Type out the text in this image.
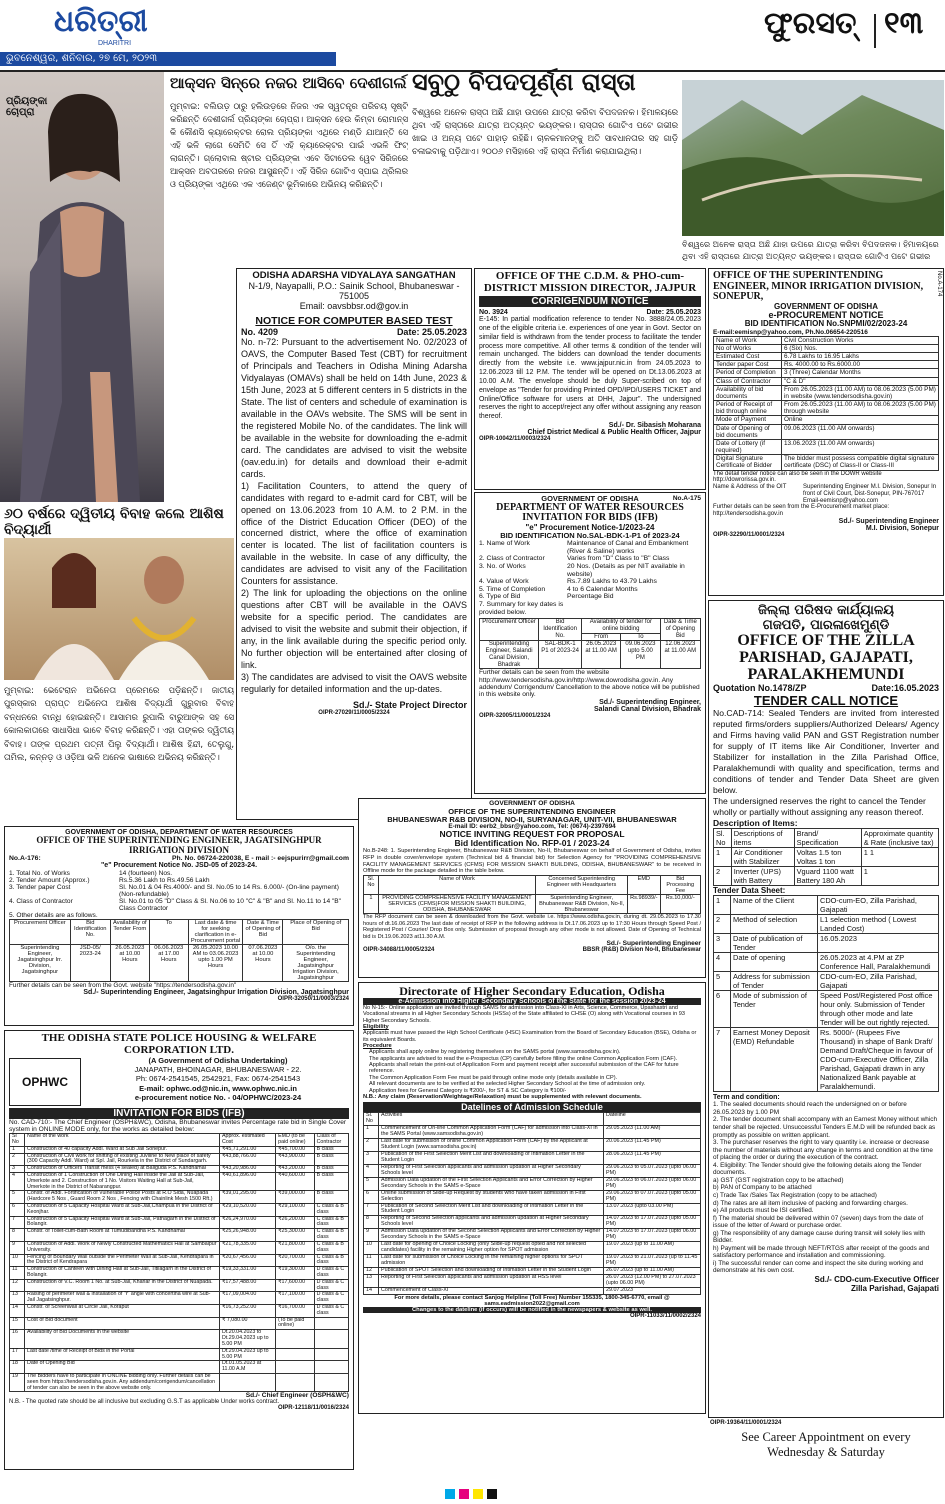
ଧରିତ୍ରୀ
DHARITRI
ଭୁବନେଶ୍ୱର, ଶନିବାର, ୨୭ ମେ, ୨୦୨୩
ଫୁରସତ୍ ୧୩
ପ୍ରିୟଙ୍କା ଚୋପ୍ରା
ଆକ୍ସନ ସିନ୍‌ରେ ନଜର ଆସିବେ ଦେଶୀଗର୍ଲ
ମୁମ୍ବାଇ: ବଲିଉଡ଼ ଠାରୁ ହଲିଉଡ଼ରେ ନିଜର ଏକ ସ୍ୱତନ୍ତ୍ର ପରିଚୟ ସୃଷ୍ଟି କରିଛନ୍ତି ଦେଶୀଗର୍ଲ ପ୍ରିୟଙ୍କା ଚୋପ୍ରା। ଆକ୍ସନ ହେଉ କିମ୍ବା ରୋମାନ୍ସ କି କୌଣସି କ୍ୟାରେକ୍ଟର ରୋଲ ପ୍ରିୟଙ୍କା ଏଥିରେ ମଣ୍ଡି ଯାଆନ୍ତି ସେ ଏହି ଭଳି ଲାଗେ ସେମିତି ସେ ତିଁ ଏହି କ୍ୟାରେକ୍ଟର ପାଇଁ ଏଭଳି ଫିଟ୍ ଲାଗନ୍ତି। ଗ୍ଲୋବାଲ ଷ୍ଟାର ପ୍ରିୟଙ୍କା ଏବେ ସିଟାଡେଲ ୱେବ ସିରିଜରେ ଆକ୍ସନ ଅବତାରରେ ନଜର ଆସୁଛନ୍ତି। ଏହି ସିରିଜ ଗୋଟିଏ ସ୍ପାଇ ଥ୍ରିଲର ଓ ପ୍ରିୟଙ୍କା ଏଥିରେ ଏକ ଏଜେଣ୍ଟ ଭୂମିକାରେ ଅଭିନୟ କରିଛନ୍ତି।
ସବୁଠୁ ବିପଦପୂର୍ଣ୍ଣ ରାସ୍ତା
ବିଶ୍ୱରେ ଅନେକ ରାସ୍ତା ଅଛି ଯାହା ଉପରେ ଯାତ୍ରା କରିବା ବିପଦଜନକ। ହିମାଳୟରେ ଥିବା ଏହି ରାସ୍ତାରେ ଯାତ୍ରା ଅତ୍ୟନ୍ତ ଭୟଙ୍କର। ରାସ୍ତାର ଗୋଟିଏ ପଟେ ଗଭୀର ଖାଇ ଓ ଅନ୍ୟ ପଟେ ପାହାଡ଼ ରହିଛି। ଚାଳକମାନଙ୍କୁ ଅତି ସାବଧାନତାର ସହ ଗାଡ଼ି ଚଳାଇବାକୁ ପଡ଼ିଥାଏ। ୨୦୦୬ ମସିହାରେ ଏହି ରାସ୍ତା ନିର୍ମାଣ କରାଯାଇଥିଲା।
ବିଶ୍ୱରେ ଅନେକ ରାସ୍ତା ଅଛି ଯାହା ଉପରେ ଯାତ୍ରା କରିବା ବିପଦଜନକ। ହିମାଳୟରେ ଥିବା ଏହି ରାସ୍ତାରେ ଯାତ୍ରା ଅତ୍ୟନ୍ତ ଭୟଙ୍କର। ରାସ୍ତାର ଗୋଟିଏ ପଟେ ଗଭୀର
୬୦ ବର୍ଷରେ ଦ୍ୱିତୀୟ ବିବାହ କଲେ ଆଶିଷ ବିଦ୍ୟାର୍ଥୀ
ମୁମ୍ବାଇ: ଭେଟେରାନ ଅଭିନେତା ପ୍ରେମରେ ପଡ଼ିଛନ୍ତି। ଜାତୀୟ ପୁରସ୍କାର ପ୍ରାପ୍ତ ଅଭିନେତା ଆଶିଷ ବିଦ୍ୟାର୍ଥୀ ଗୁରୁବାର ବିବାହ ବନ୍ଧନରେ ବାନ୍ଧି ହୋଇଛନ୍ତି। ଆସାମର ରୁପାଲି ବାରୁଆଙ୍କ ସହ ସେ କୋଲକାତାରେ ସାଧାସିଧା ଭାବେ ବିବାହ କରିଛନ୍ତି। ଏହା ତାଙ୍କର ଦ୍ୱିତୀୟ ବିବାହ। ତାଙ୍କ ପ୍ରଥମ ପତ୍ନୀ ପିଲୁ ବିଦ୍ୟାର୍ଥୀ। ଆଶିଷ ହିନ୍ଦୀ, ତେଲୁଗୁ, ତାମିଲ, କନ୍ନଡ଼ ଓ ଓଡ଼ିଆ ଭଳି ଅନେକ ଭାଷାରେ ଅଭିନୟ କରିଛନ୍ତି।
ODISHA ADARSHA VIDYALAYA SANGATHAN
N-1/9, Nayapalli, P.O.: Sainik School, Bhubaneswar - 751005
Email: oavsbbsr.od@gov.in
NOTICE FOR COMPUTER BASED TEST
No. 4209	Date: 25.05.2023
No. n-72: Pursuant to the advertisement No. 02/2023 of OAVS, the Computer Based Test (CBT) for recruitment of Principals and Teachers in Odisha Mining Adarsha Vidyalayas (OMAVs) shall be held on 14th June, 2023 & 15th June, 2023 at 5 different centers in 5 districts in the State. The list of centers and schedule of examination is available in the OAVs website. The SMS will be sent in the registered Mobile No. of the candidates. The link will be available in the website for downloading the e-admit card. The candidates are advised to visit the website (oav.edu.in) for details and download their e-admit cards.
1) Facilitation Counters, to attend the query of candidates with regard to e-admit card for CBT, will be opened on 13.06.2023 from 10 A.M. to 2 P.M. in the office of the District Education Officer (DEO) of the concerned district, where the office of examination center is located. The list of facilitation counters is available in the website. In case of any difficulty, the candidates are advised to visit any of the Facilitation Counters for assistance.
2) The link for uploading the objections on the online questions after CBT will be available in the OAVS website for a specific period. The candidates are advised to visit the website and submit their objection, if any, in the link available during the specific period only. No further objection will be entertained after closing of link.
3) The candidates are advised to visit the OAVS website regularly for detailed information and the up-dates.
Sd./- State Project Director
OIPR-27029/11/0005/2324
OFFICE OF THE C.D.M. & PHO-cum-DISTRICT MISSION DIRECTOR, JAJPUR
CORRIGENDUM NOTICE
No. 3924	Date: 25.05.2023
E-145: In partial modification reference to tender No. 3888/24.05.2023 one of the eligible criteria i.e. experiences of one year in Govt. Sector on similar field is withdrawn from the tender process to facilitate the tender process more competitive. All other terms & condition of the tender will remain unchanged. The bidders can download the tender documents directly from the website i.e. www.jajpur.nic.in from 24.05.2023 to 12.06.2023 till 12 P.M. The tender will be opened on Dt.13.06.2023 at 10.00 A.M. The envelope should be duly Super-scribed on top of envelope as "Tender for providing Printed OPD/IPD/USERS TICKET and Online/Office software for users at DHH, Jajpur". The undersigned reserves the right to accept/reject any offer without assigning any reason thereof.
Sd./- Dr. Sibasish Moharana
Chief District Medical & Public Health Officer, Jajpur
OIPR-10042/11/0003/2324
No.A-174
OFFICE OF THE SUPERINTENDING ENGINEER, MINOR IRRIGATION DIVISION, SONEPUR,
GOVERNMENT OF ODISHA
e-PROCUREMENT NOTICE
BID IDENTIFICATION No.SNPMI/02/2023-24
E-mail:eemisnp@yahoo.com, Ph.No.06654-220516
Name of Work	Civil Construction Works
No of Works	6 (Six) Nos.
Estimated Cost	6.78 Lakhs to 16.95 Lakhs
Tender paper Cost	Rs. 4000.00 to Rs.6000.00
Period of Completion	3 (Three) Calendar Months
Class of Contractor	"C & D"
Availability of bid documents	From 26.05.2023 (11.00 AM) to 08.06.2023 (5.00 PM) in website (www.tendersodisha.gov.in)
Period of Receipt of bid through online	From 26.05.2023 (11.00 AM) to 08.06.2023 (5.00 PM) through website
Mode of Payment	Online
Date of Opening of bid documents	09.06.2023 (11.00 AM onwards)
Date of Lottery (if required)	13.06.2023 (11.00 AM onwards)
Digital Signature Certificate of Bidder	The bidder must possess compatible digital signature certificate (DSC) of Class-II or Class-III
The detail tender notice can also be seen in the DOWR website http://dowrorissa.gov.in.
Name & Address of the OIT	Superintending Engineer M.I. Division, Sonepur In front of Civil Court, Dist-Sonepur, PIN-767017 Email-eemisnp@yahoo.com
Further details can be seen from the E-Procurement market place: http://tendersodisha.gov.in
Sd./- Superintending Engineer
M.I. Division, Sonepur
OIPR-32290/11/0001/2324
No.A-175
GOVERNMENT OF ODISHA
DEPARTMENT OF WATER RESOURCES INVITATION FOR BIDS (IFB)
"e" Procurement Notice-1/2023-24
BID IDENTIFICATION No.SAL-BDK-1-P1 of 2023-24
1. Name of Work	Maintenance of Canal and Embankment (River & Saline) works
2. Class of Contractor	Varies from "D" Class to "B" Class
3. No. of Works	20 Nos. (Details as per NIT available in website)
4. Value of Work	Rs.7.89 Lakhs to 43.79 Lakhs
5. Time of Completion	4 to 6 Calendar Months
6. Type of Bid	Percentage Bid
7. Summary for key dates is provided below.
Procurement Officer	Bid Identification No.	Availability of tender for online bidding		Date & Time of Opening Bid
		From	To	
Superintending Engineer, Salandi Canal Division, Bhadrak	SAL-BDK-1 P1 of 2023-24	26.05.2023 at 11.00 AM	09.06.2023 upto 5.00 PM	12.06.2023 at 11.00 AM
Further details can be seen from the website http://www.tendersodisha.gov.in/http://www.dowrodisha.gov.in. Any addendum/ Corrigendum/ Cancellation to the above notice will be published in this website only.
Sd./- Superintending Engineer,
Salandi Canal Division, Bhadrak
OIPR-32005/11/0001/2324
ଜିଲ୍ଲା ପରିଷଦ କାର୍ଯ୍ୟାଳୟ
ଗଜପତି, ପାରଳାଖେମୁଣ୍ଡି
OFFICE OF THE ZILLA PARISHAD, GAJAPATI, PARALAKHEMUNDI
Quotation No.1478/ZP	Date:16.05.2023
TENDER CALL NOTICE
No.CAD-714: Sealed Tenders are invited from interested reputed firms/orders suppliers/Authorized Delears/ Agency and Firms having valid PAN and GST Registration number for supply of IT items like Air Conditioner, Inverter and Stabilizer for installation in the Zilla Parishad Office, Paralakhemundi with quality and specification, terms and conditions of tender and Tender Data Sheet are given below.
The undersigned reserves the right to cancel the Tender wholly or partially without assigning any reason thereof.
Description of Items:
Sl. No	Descriptions of items	Brand/ Specification	Approximate quantity & Rate (inclusive tax)
1	Air Conditioner with Stabilizer	Voltas 1.5 ton Voltas 1 ton	1 1
2	Inverter (UPS) with Battery	Vguard 1100 watt Battery 180 Ah	1
Tender Data Sheet:
1	Name of the Client	CDO-cum-EO, Zilla Parishad, Gajapati
2	Method of selection	L1 selection method ( Lowest Landed Cost)
3	Date of publication of Tender	16.05.2023
4	Date of opening	26.05.2023 at 4.PM at ZP Conference Hall, Paralakhemundi
5	Address for submission of Tender	CDO-cum-EO, Zilla Parishad, Gajapati
6	Mode of submission of Tender	Speed Post/Registered Post office hour only. Submission of Tender through other mode and late Tender will be out rightly rejected.
7	Earnest Money Deposit (EMD) Refundable	Rs. 5000/- (Rupees Five Thousand) in shape of Bank Draft/ Demand Draft/Cheque in favour of CDO-cum-Executive Officer, Zilla Parishad, Gajapati drawn in any Nationalized Bank payable at Paralakhemundi.
Term and condition:
1. The sealed documents should reach the undersigned on or before 26.05.2023 by 1.00 PM
2. The tender document shall accompany with an Earnest Money without which tender shall be rejected. Unsuccessful Tenders E.M.D will be refunded back as promptly as possible on written applicant.
3. The purchaser reserves the right to vary quantity i.e. increase or decrease the number of materials without any change in terms and condition at the time of placing the order or during the execution of the contract.
4. Eligibility: The Tender should give the following details along the Tender documents.
a) GST (GST registration copy to be attached)
b) PAN of Company to be attached
c) Trade Tax /Sales Tax Registration (copy to be attached)
d) The rates are all item inclusive of packing and forwarding charges.
e) All products must be ISI certified.
f) The material should be delivered within 07 (seven) days from the date of issue of the letter of Award or purchase order.
g) The responsibility of any damage cause during transit will solely lies with Bidder.
h) Payment will be made through NEFT/RTGS after receipt of the goods and satisfactory performance and installation and commissioning.
i) The successful render can come and inspect the site during working and demonstrate at his own cost.
Sd./- CDO-cum-Executive Officer
Zilla Parishad, Gajapati
OIPR-19364/11/0001/2324
See Career Appointment on every
Wednesday & Saturday
GOVERNMENT OF ODISHA, DEPARTMENT OF WATER RESOURCES
OFFICE OF THE SUPERINTENDING ENGINEER, JAGATSINGHPUR IRRIGATION DIVISION
No.A-176:	Ph. No. 06724-220038, E - mail :- eejspurirr@gmail.com
"e" Procurement Notice No. JSD-05 of 2023-24.
1. Total No. of Works	14 (fourteen) Nos.
2. Tender Amount (Approx.)	Rs.5.36 Lakh to Rs.49.56 Lakh
3. Tender paper Cost	Sl. No.01 & 04 Rs.4000/- and Sl. No.05 to 14 Rs. 6.000/- (On-line payment) (Non-refundable)
4. Class of Contractor	Sl. No.01 to 05 "D" Class & Sl. No.06 to 10 "C" & "B" and Sl. No.11 to 14 "B" Class Contractor
5. Other details are as follows.
Procurement Officer	Bid Identification No.	Availability of Tender From	To	Last date & time for seeking clarification in e-Procurement portal	Date & Time of Opening of Bid	Place of Opening of Bid
Superintending Engineer, Jagatsinghpur Irr. Division, Jagatsinghpur	JSD-05/ 2023-24	26.05.2023 at 10.00 Hours	06.06.2023 at 17.00 Hours	26.05.2023 10.00 AM to 03.06.2023 upto 1.00 PM Hours	07.06.2023 at 10.00 Hours	O/o. the Superintending Engineer, Jagatsinghpur Irrigation Division, Jagatsinghpur
Further details can be seen from the Govt. website "https://tendersodisha.gov.in"
Sd./- Superintending Engineer, Jagatsinghpur Irrigation Division, Jagatsinghpur
OIPR-32050/11/0003/2324
GOVERNMENT OF ODISHA
OFFICE OF THE SUPERINTENDING ENGINEER
BHUBANESWAR R&B DIVISION, NO-II, SURYANAGAR, UNIT-VII, BHUBANESWAR
E-mail ID: eerb2_bbsr@yahoo.com, Tel: (0674)-2397694
NOTICE INVITING REQUEST FOR PROPOSAL
Bid Identification No. RFP-01 / 2023-24
No.B-248: 1. Superintending Engineer, Bhubaneswar R&B Division, No-II, Bhubaneswar on behalf of Government of Odisha, invites RFP in double cover/envelope system (Technical bid & financial bid) for Selection Agency for "PROVIDING COMPREHENSIVE FACILITY MANAGEMENT SERVICES (CFMS) FOR MISSION SHAKTI BUILDING, ODISHA, BHUBANESWAR" to be received in Offline mode for the package detailed in the table below.
Sl. No	Name of Work	Concerned Superintending Engineer with Headquarters	EMD	Bid Processing Fee
1	PROVIDING COMPREHENSIVE FACILITY MANAGEMENT SERVICES (CFMS)FOR MISSION SHAKTI BUILDING, ODISHA, BHUBANESWAR	Superintending Engineer, Bhubaneswar R&B Division, No-II, Bhubaneswar	Rs.98939/-	Rs.10,000/-
The RFP document can be seen & downloaded from the Govt. website i.e. https://www.odisha.gov.in, during dt. 29.05.2023 to 17.30 hours of dt.16.06.2023 The last date of receipt of RFP in the following address is Dt.17.06.2023 up to 17:30 Hours through Speed Post / Registered Post / Courier/ Drop Box only. Submission of proposal through any other mode is not allowed. Date of Opening of Technical bid is Dt.19.06.2023 at11.30 A.M.
Sd./- Superintending Engineer
OIPR-34088/11/0005/2324	BBSR (R&B) Division No-II, Bhubaneswar
THE ODISHA STATE POLICE HOUSING & WELFARE CORPORATION LTD.
OPHWC
(A Government of Odisha Undertaking)
JANAPATH, BHOINAGAR, BHUBANESWAR - 22.
Ph: 0674-2541545, 2542921, Fax: 0674-2541543
E-mail: ophwc.od@nic.in, www.ophwc.nic.in
e-procurement notice No. - 04/OPHWC/2023-24
INVITATION FOR BIDS (IFB)
No. CAD-710:- The Chief Engineer (OSPH&WC), Odisha, Bhubaneswar invites Percentage rate bid in Single Cover system in ONLINE MODE only, for the works as detailed below:
Sl No	Name of the work	Approx. estimated Cost	EMD (to be paid online)	Class of Contractor
1	Construction of 40 capacity Addl. Ward at Sub Jail Sonepur.	₹45,71,291.00	₹45,700.00	B class
2	Construction of Civil work for shifting of existing Juviline to New place of safety (300 Capacity Addl. Ward) at Spl. Jail, Rourkela in the District of Sundargarh.	₹43,88,766.00	₹43,900.00	B class
3	Construction of Officers Transit mess (4 sealed) at Baliguda P.S. Kandhamal	₹43,20,986.00	₹43,200.00	B class
4	Construction of 1 Construction of One Dining Hall inside the Jail at Sub-Jail, Umerkote and 2. Construction of 1 No. Visitors Waiting Hall at Sub-Jail, Umerkote in the District of Nabarangpur.	₹40,61,896.00	₹40,600.00	B class
5	Constr. of Addl. Fortification of Vulnerable Police Posts at R.O Sida, Nuapada (Hardcore 5 Nos , Guard Room 2 Nos , Fencing with Chainlink Mesh 1500 Rft.)	₹39,01,295.00	₹39,000.00	B class
6	Construction of 5 Capacity Hospital Ward at Sub-Jail,Champua in the District of Keonjhar.	₹29,10,520.00	₹29,100.00	C class & B class
7	Construction of 5 Capacity Hospital Ward at Sub-Jail, Patnagarh in the District of Bolangir.	₹26,24,970.00	₹26,200.00	C class & B class
8	Constr. of Toilet-cum-Bath Room at Tumudibandha P.S. Kandhamal	₹25,26,948.00	₹25,300.00	C class & B class
9	Construction of Addl. Work of Newly Constructed Mathematics Hall at Sambalpur University.	₹21,78,335.00	₹21,800.00	C class & B class
10	Fencing of Boundary Wall outside the Perimeter Wall at Sub-Jail, Kendrapara in the District of Kendrapara	₹20,67,456.00	₹20,700.00	C class & B class
11	Construction of Canteen with Dining Hall at Sub-Jail, Titilagarh in the District of Bolangir.	₹19,33,331.00	₹19,300.00	D class & C class
12	Construction of V.C. Room 1 No. at Sub-Jail, Khariar in the District of Nuapada.	₹17,57,488.00	₹17,600.00	D class & C class
13	Raising of perimeter wall & installation of 'Y' angle with concertina wire at Sub-Jail Jagatsinghpur.	₹17,09,004.00	₹17,100.00	D class & C class
14	Constr. of Screenwall at Circle Jail, Koraput	₹16,73,252.00	₹16,700.00	D class & C class
15	Cost of Bid document	₹ 7,080.00	(To be paid online)	
16	Availability of Bid Documents in the website	Dt.20.04.2023 to Dt.29.04.2023 up to 5.00 PM		
17	Last date /time of Receipt of Bids in the Portal	Dt.29.04.2023 up to 5.00 PM		
18	Date of Opening Bid	Dt.01.05.2023 at 11.00 A.M		
19	The Bidders have to participate in ONLINE bidding only. Further details can be seen from https://tendersodisha.gov.in. Any addendum/corrigendum/cancellation of tender can also be seen in the above website only.			
Sd./- Chief Engineer (OSPH&WC)
N.B. - The quoted rate should be all inclusive but excluding G.S.T as applicable Under works contract.
OIPR-12118/11/0016/2324
Directorate of Higher Secondary Education, Odisha
e-Admission into Higher Secondary Schools of the State for the session 2023-24
No N-15:- Online application are invited through SAMS for admission into Class-XI in Arts, Science, Commerce, Upashastri and Vocational streams in all Higher Secondary Schools (HSSs) of the State affiliated to CHSE (O) along with Vocational courses in 93 Higher Secondary Schools.
Eligibility
Applicants must have passed the High School Certificate (HSC) Examination from the Board of Secondary Education (BSE), Odisha or its equivalent Boards.
Procedure
Applicants shall apply online by registering themselves on the SAMS portal (www.samsodisha.gov.in).
The applicants are advised to read the e-Prospectus (CP) carefully before filling the online Common Application Form (CAF).
Applicants shall retain the print-out of Application Form and payment receipt after successful submission of the CAF for future reference.
The Common Application Form Fee must be paid through online mode only (details available in CP).
All relevant documents are to be verified at the selected Higher Secondary School at the time of admission only.
Application fees for General Category is ₹200/-, for ST & SC Category is ₹100/-
N.B.: Any claim (Reservation/Weightage/Relaxation) must be supplemented with relevant documents.
Datelines of Admission Schedule
Sl. No	Activities	Dateline
1	Commencement of On-line Common Application Form (CAF) for admission into Class-XI in the SAMS Portal (www.samsodisha.gov.in)	29.05.2023 (11.00 AM)
2	Last date for submission of online Common Application Form (CAF) by the Applicant at Student Login (www.samsodisha.gov.in)	20.06.2023 (11.45 PM)
3	Publication of the First Selection Merit List and downloading of Intimation Letter in the Student Login	28.06.2023 (11.45 PM)
4	Reporting of First Selection applicants and admission updation at Higher Secondary Schools level	29.06.2023 to 05.07.2023 (upto 06.00 PM)
5	Admission Data updation of the First Selection Applicants and Error Correction by Higher Secondary Schools in the SAMS e-Space	29.06.2023 to 06.07.2023 (upto 06.00 PM)
6	Online submission of Slide-up Request by students who have taken admission in First Selection	29.06.2023 to 07.07.2023 (upto 05.00 PM)
7	Publication of Second Selection Merit List and downloading of Intimation Letter in the Student Login	13.07.2023 (upto 03.00 PM)
8	Reporting of Second Selection applicants and admission updation at Higher Secondary Schools level	14.07.2023 to 17.07.2023 (upto 05.00 PM)
9	Admission Data updation of the Second Selection Applicants and Error Correction by Higher Secondary Schools in the SAMS e-Space	14.07.2023 to 17.07.2023 (upto 06.00 PM)
10	Last date for opening of Choice Locking (only Slide-up request opted and not selected candidates) facility in the remaining Higher option for SPOT admission	19.07.2023 (up to 11.00 AM)
11	Last date for submission of Choice Locking in the remaining higher options for SPOT admission	19.07.2023 to 21.07.2023 (up to 11.45 PM)
12	Publication of SPOT Selection and downloading of Intimation Letter in the Student Login	26.07.2023 (up to 11.00 AM)
13	Reporting of First Selection applicants and admission updation at HSS level	26.07.2023 (12.00 PM) to 27.07.2023 (upto 06.00 PM)
14	Commencement of Class-XI	29.07.2023
For more details, please contact Sanjog Helpline (Toll Free) Number 155335, 1800-345-6770, email @ sams.eadmission2022@gmail.com
Changes to the dateline (if occurs) will be notified in the newspapers & website as well.
OIPR-11033/11/0002/2324
